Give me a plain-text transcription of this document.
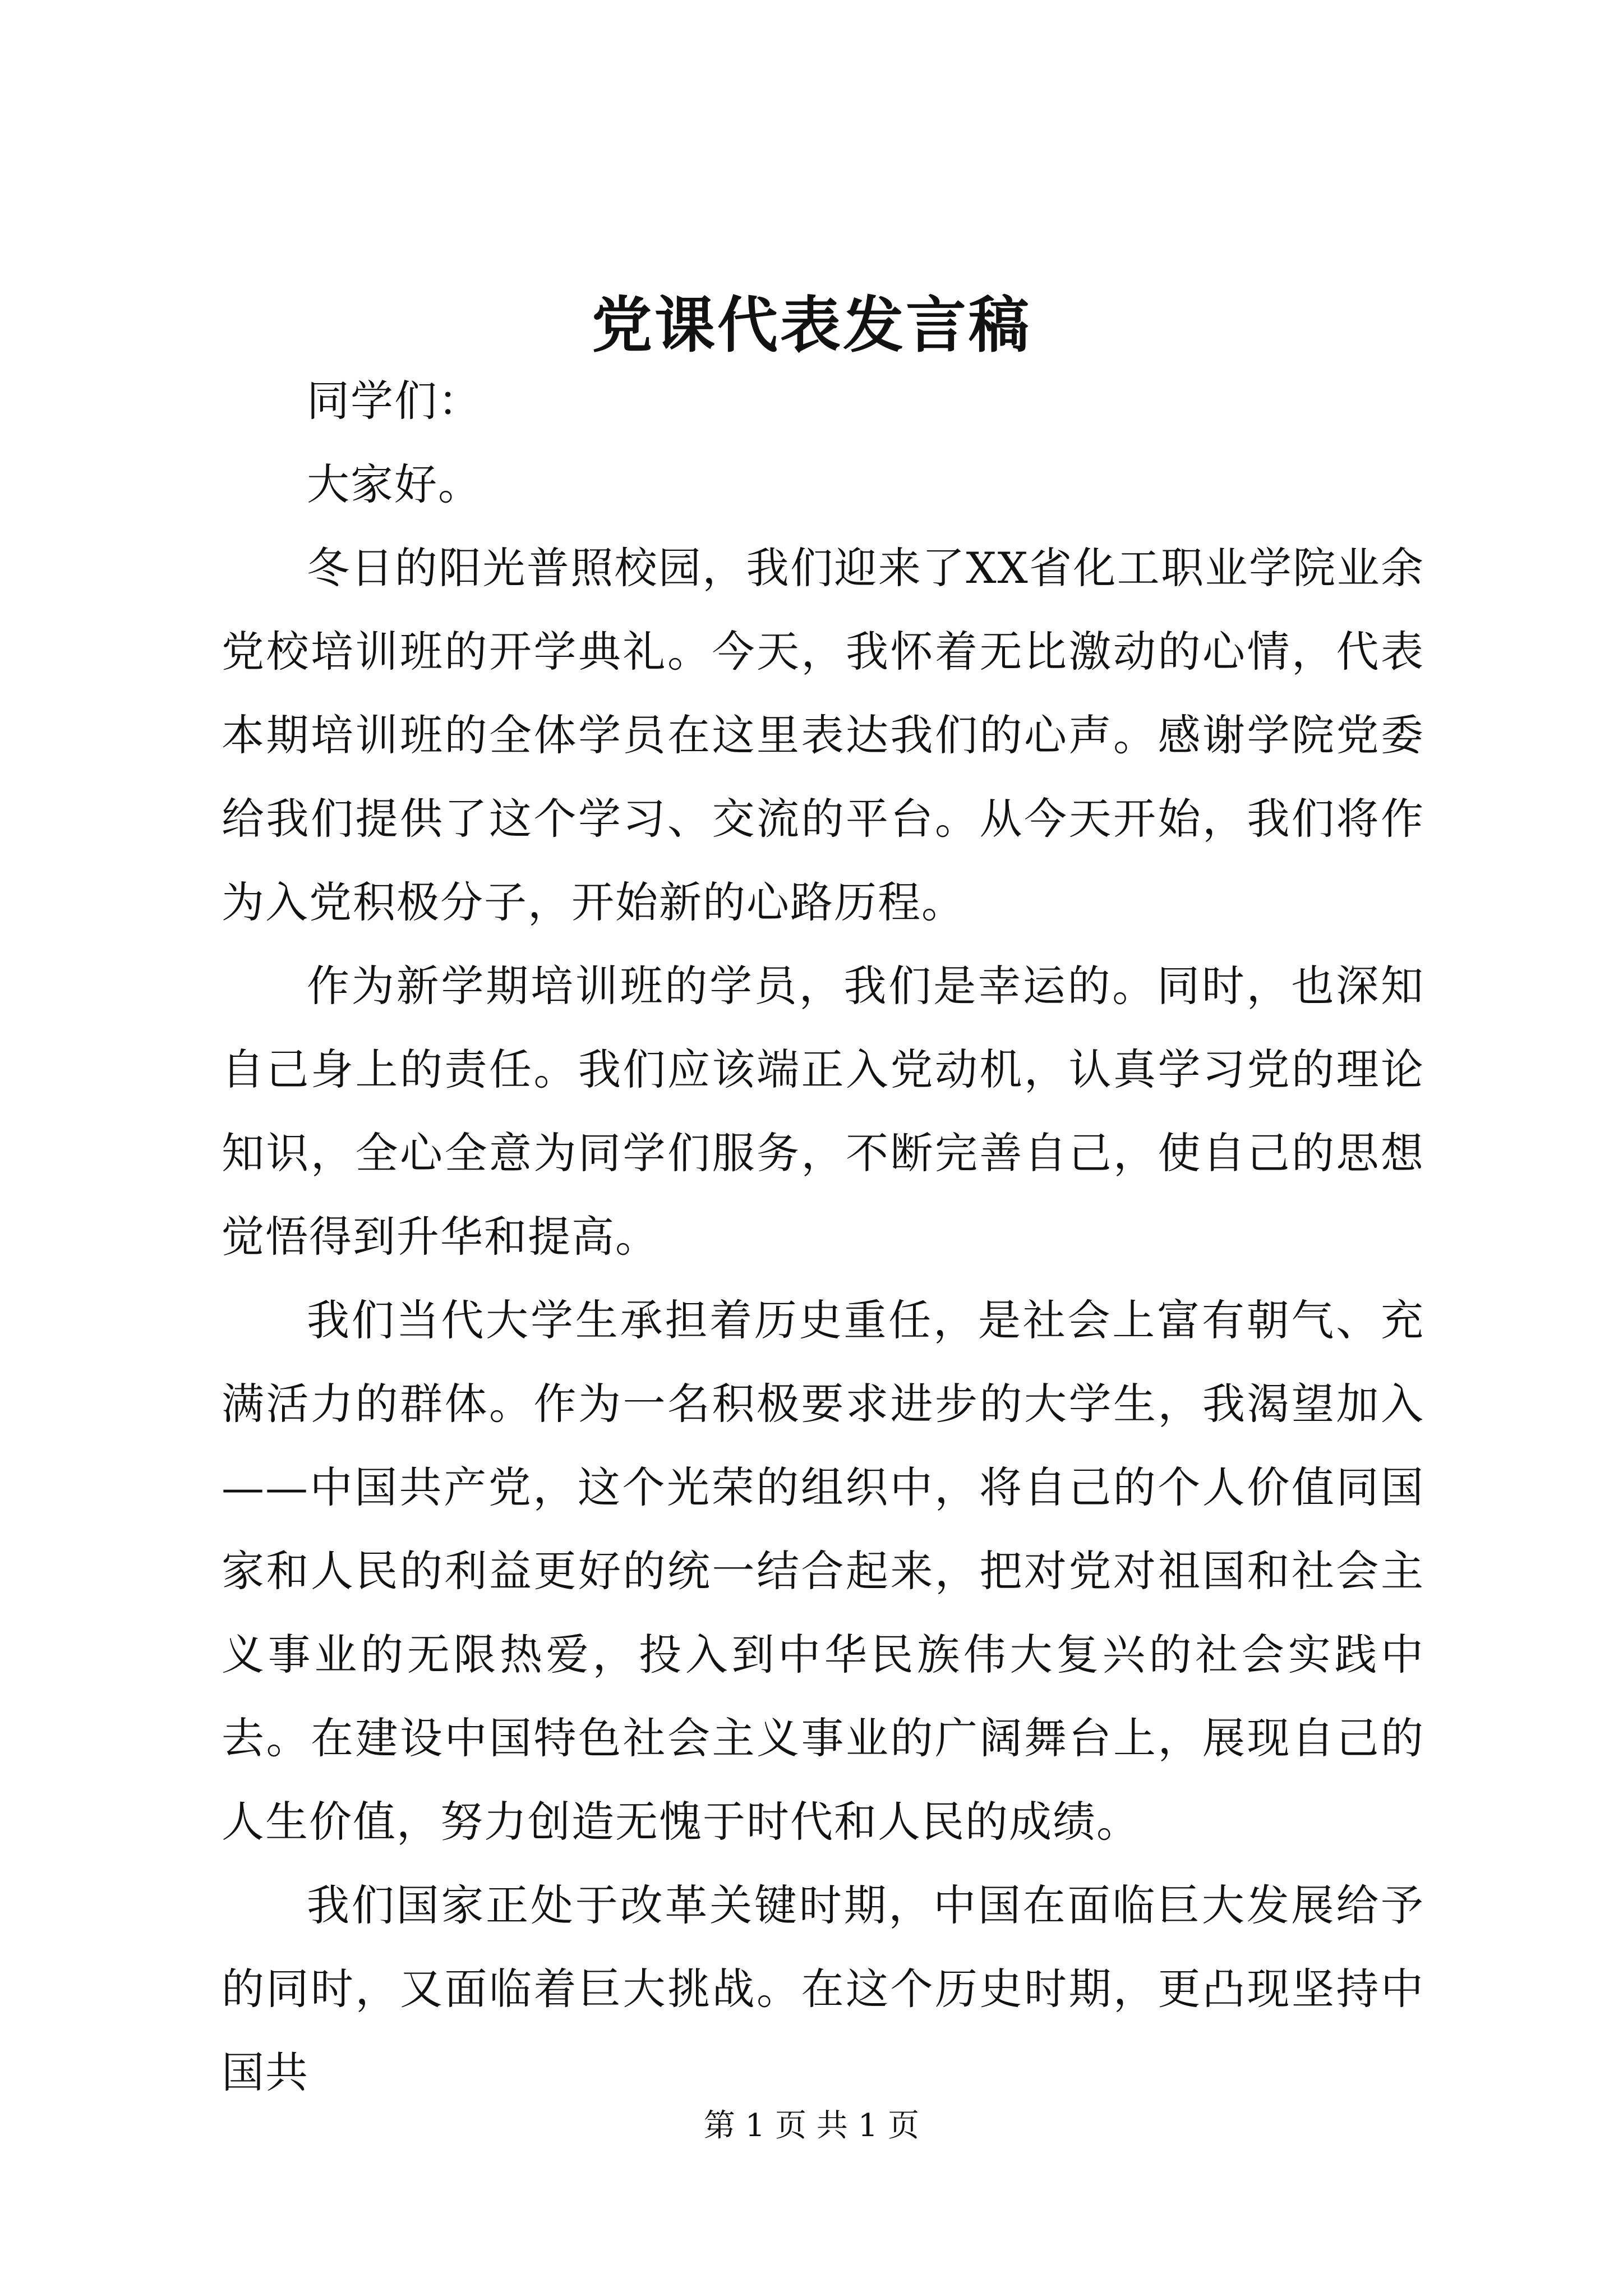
党课代表发言稿

同学们：

大家好。

冬日的阳光普照校园，我们迎来了XX省化工职业学院业余党校培训班的开学典礼。今天，我怀着无比激动的心情，代表本期培训班的全体学员在这里表达我们的心声。感谢学院党委给我们提供了这个学习、交流的平台。从今天开始，我们将作为入党积极分子，开始新的心路历程。

作为新学期培训班的学员，我们是幸运的。同时，也深知自己身上的责任。我们应该端正入党动机，认真学习党的理论知识，全心全意为同学们服务，不断完善自己，使自己的思想觉悟得到升华和提高。

我们当代大学生承担着历史重任，是社会上富有朝气、充满活力的群体。作为一名积极要求进步的大学生，我渴望加入——中国共产党，这个光荣的组织中，将自己的个人价值同国家和人民的利益更好的统一结合起来，把对党对祖国和社会主义事业的无限热爱，投入到中华民族伟大复兴的社会实践中去。在建设中国特色社会主义事业的广阔舞台上，展现自己的人生价值，努力创造无愧于时代和人民的成绩。

我们国家正处于改革关键时期，中国在面临巨大发展给予的同时，又面临着巨大挑战。在这个历史时期，更凸现坚持中国共

第 1 页 共 1 页
